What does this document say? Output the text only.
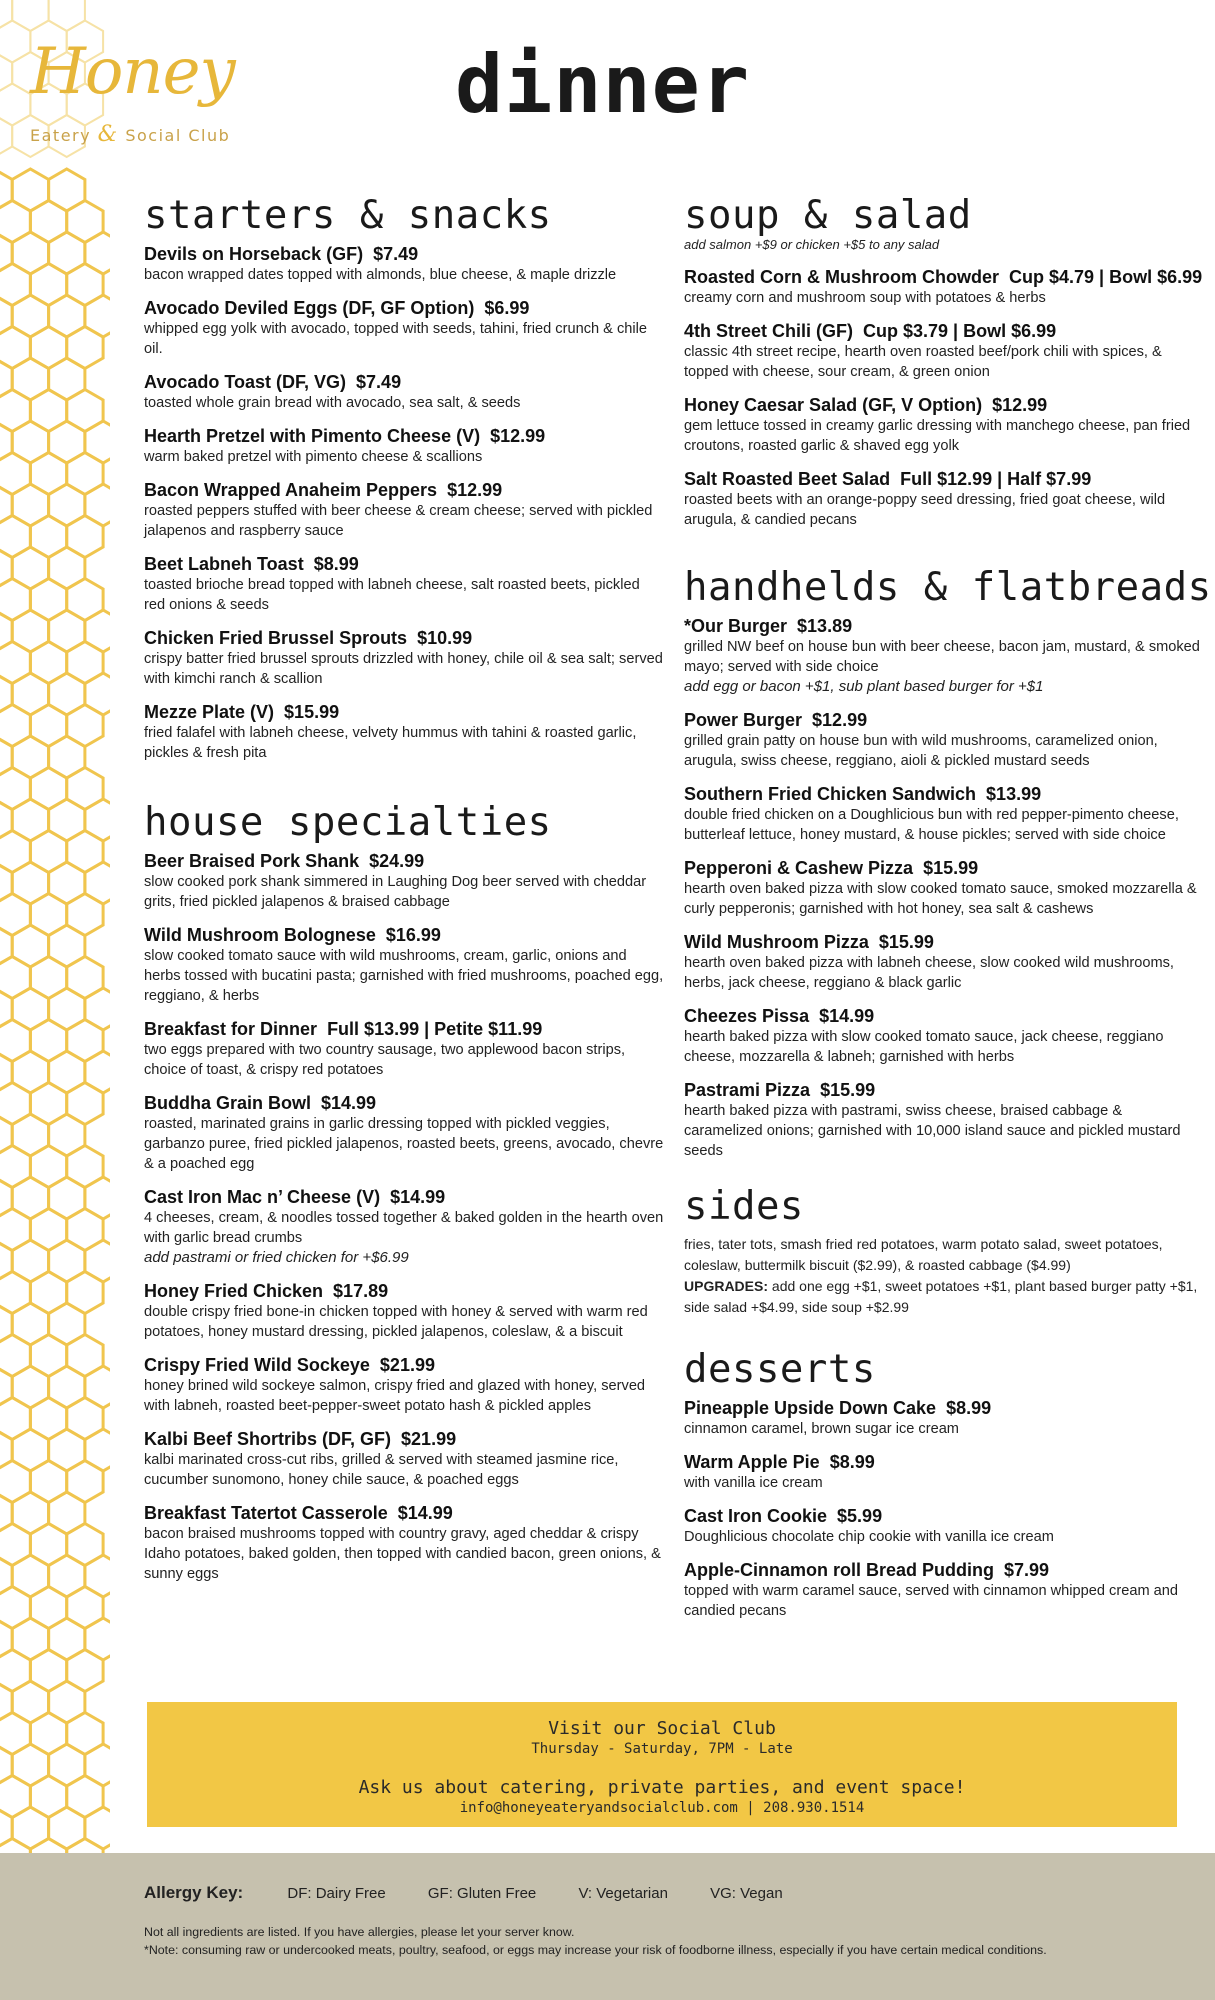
Honey
Eatery & Social Club
dinner
starters & snacks
Devils on Horseback (GF) $7.49
bacon wrapped dates topped with almonds, blue cheese, & maple drizzle
Avocado Deviled Eggs (DF, GF Option) $6.99
whipped egg yolk with avocado, topped with seeds, tahini, fried crunch & chile oil.
Avocado Toast (DF, VG) $7.49
toasted whole grain bread with avocado, sea salt, & seeds
Hearth Pretzel with Pimento Cheese (V) $12.99
warm baked pretzel with pimento cheese & scallions
Bacon Wrapped Anaheim Peppers $12.99
roasted peppers stuffed with beer cheese & cream cheese; served with pickled jalapenos and raspberry sauce
Beet Labneh Toast $8.99
toasted brioche bread topped with labneh cheese, salt roasted beets, pickled red onions & seeds
Chicken Fried Brussel Sprouts $10.99
crispy batter fried brussel sprouts drizzled with honey, chile oil & sea salt; served with kimchi ranch & scallion
Mezze Plate (V) $15.99
fried falafel with labneh cheese, velvety hummus with tahini & roasted garlic, pickles & fresh pita
house specialties
Beer Braised Pork Shank $24.99
slow cooked pork shank simmered in Laughing Dog beer served with cheddar grits, fried pickled jalapenos & braised cabbage
Wild Mushroom Bolognese $16.99
slow cooked tomato sauce with wild mushrooms, cream, garlic, onions and herbs tossed with bucatini pasta; garnished with fried mushrooms, poached egg, reggiano, & herbs
Breakfast for Dinner Full $13.99 | Petite $11.99
two eggs prepared with two country sausage, two applewood bacon strips, choice of toast, & crispy red potatoes
Buddha Grain Bowl $14.99
roasted, marinated grains in garlic dressing topped with pickled veggies, garbanzo puree, fried pickled jalapenos, roasted beets, greens, avocado, chevre & a poached egg
Cast Iron Mac n’ Cheese (V) $14.99
4 cheeses, cream, & noodles tossed together & baked golden in the hearth oven with garlic bread crumbs
add pastrami or fried chicken for +$6.99
Honey Fried Chicken $17.89
double crispy fried bone-in chicken topped with honey & served with warm red potatoes, honey mustard dressing, pickled jalapenos, coleslaw, & a biscuit
Crispy Fried Wild Sockeye $21.99
honey brined wild sockeye salmon, crispy fried and glazed with honey, served with labneh, roasted beet-pepper-sweet potato hash & pickled apples
Kalbi Beef Shortribs (DF, GF) $21.99
kalbi marinated cross-cut ribs, grilled & served with steamed jasmine rice, cucumber sunomono, honey chile sauce, & poached eggs
Breakfast Tatertot Casserole $14.99
bacon braised mushrooms topped with country gravy, aged cheddar & crispy Idaho potatoes, baked golden, then topped with candied bacon, green onions, & sunny eggs
soup & salad
add salmon +$9 or chicken +$5 to any salad
Roasted Corn & Mushroom Chowder Cup $4.79 | Bowl $6.99
creamy corn and mushroom soup with potatoes & herbs
4th Street Chili (GF) Cup $3.79 | Bowl $6.99
classic 4th street recipe, hearth oven roasted beef/pork chili with spices, & topped with cheese, sour cream, & green onion
Honey Caesar Salad (GF, V Option) $12.99
gem lettuce tossed in creamy garlic dressing with manchego cheese, pan fried croutons, roasted garlic & shaved egg yolk
Salt Roasted Beet Salad Full $12.99 | Half $7.99
roasted beets with an orange-poppy seed dressing, fried goat cheese, wild arugula, & candied pecans
handhelds & flatbreads
*Our Burger $13.89
grilled NW beef on house bun with beer cheese, bacon jam, mustard, & smoked mayo; served with side choice
add egg or bacon +$1, sub plant based burger for +$1
Power Burger $12.99
grilled grain patty on house bun with wild mushrooms, caramelized onion, arugula, swiss cheese, reggiano, aioli & pickled mustard seeds
Southern Fried Chicken Sandwich $13.99
double fried chicken on a Doughlicious bun with red pepper-pimento cheese, butterleaf lettuce, honey mustard, & house pickles; served with side choice
Pepperoni & Cashew Pizza $15.99
hearth oven baked pizza with slow cooked tomato sauce, smoked mozzarella & curly pepperonis; garnished with hot honey, sea salt & cashews
Wild Mushroom Pizza $15.99
hearth oven baked pizza with labneh cheese, slow cooked wild mushrooms, herbs, jack cheese, reggiano & black garlic
Cheezes Pissa $14.99
hearth baked pizza with slow cooked tomato sauce, jack cheese, reggiano cheese, mozzarella & labneh; garnished with herbs
Pastrami Pizza $15.99
hearth baked pizza with pastrami, swiss cheese, braised cabbage & caramelized onions; garnished with 10,000 island sauce and pickled mustard seeds
sides
fries, tater tots, smash fried red potatoes, warm potato salad, sweet potatoes, coleslaw, buttermilk biscuit ($2.99), & roasted cabbage ($4.99)
UPGRADES: add one egg +$1, sweet potatoes +$1, plant based burger patty +$1, side salad +$4.99, side soup +$2.99
desserts
Pineapple Upside Down Cake $8.99
cinnamon caramel, brown sugar ice cream
Warm Apple Pie $8.99
with vanilla ice cream
Cast Iron Cookie $5.99
Doughlicious chocolate chip cookie with vanilla ice cream
Apple-Cinnamon roll Bread Pudding $7.99
topped with warm caramel sauce, served with cinnamon whipped cream and candied pecans
Visit our Social Club
Thursday - Saturday, 7PM - Late
Ask us about catering, private parties, and event space!
info@honeyeateryandsocialclub.com | 208.930.1514
Allergy Key:	DF: Dairy Free	GF: Gluten Free	V: Vegetarian	VG: Vegan
Not all ingredients are listed. If you have allergies, please let your server know.
*Note: consuming raw or undercooked meats, poultry, seafood, or eggs may increase your risk of foodborne illness, especially if you have certain medical conditions.
